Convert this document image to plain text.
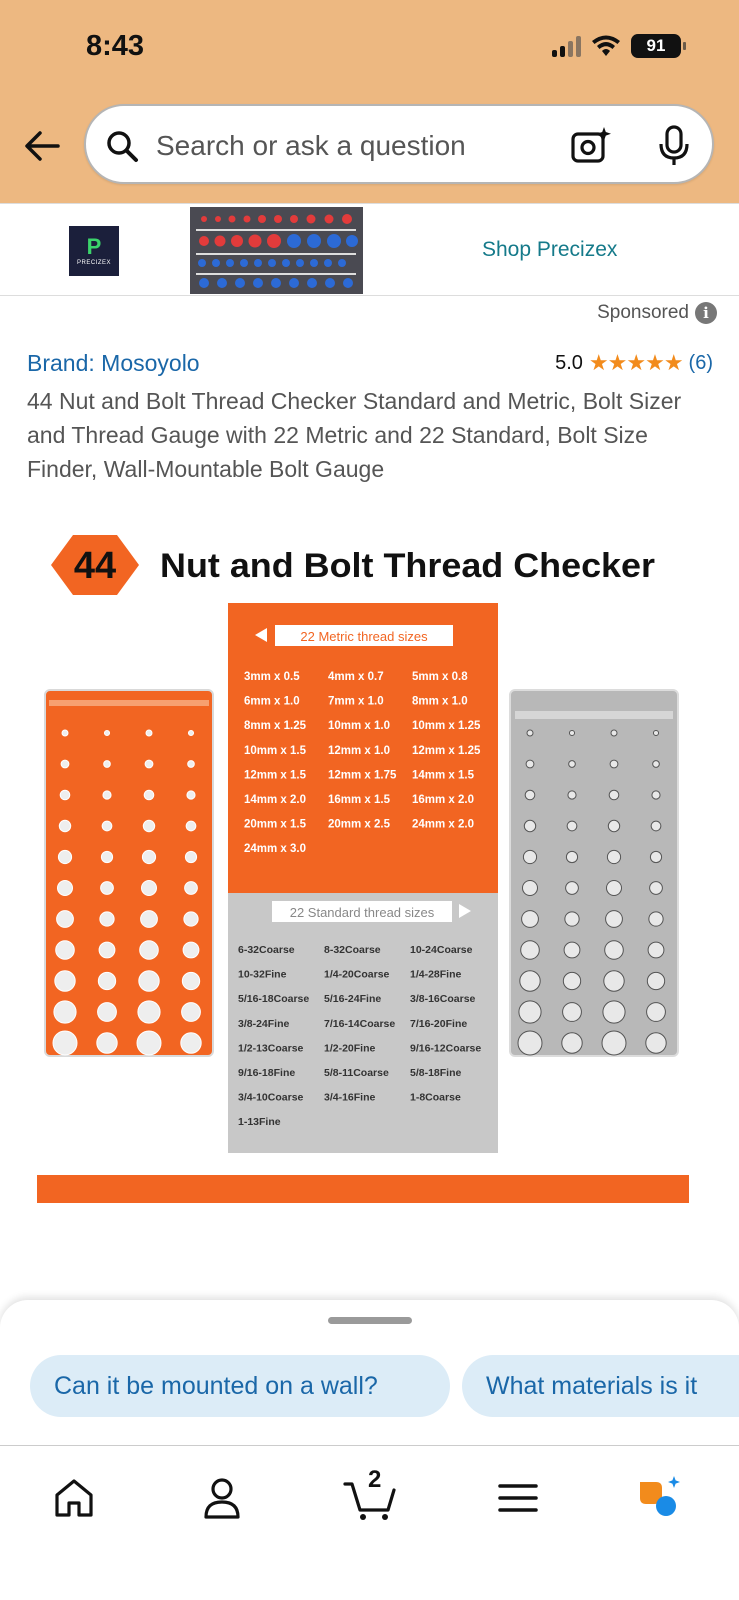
8:43	91
Search or ask a question
P
PRECIZEX
Shop Precizex
Sponsored i
Brand: Mosoyolo	5.0 ★★★★★ (6)
44 Nut and Bolt Thread Checker Standard and Metric, Bolt Sizer and Thread Gauge with 22 Metric and 22 Standard, Bolt Size Finder, Wall-Mountable Bolt Gauge
44 Nut and Bolt Thread Checker
22 Metric thread sizes
22 Standard thread sizes
3mm x 0.5 4mm x 0.7 5mm x 0.8
6mm x 1.0 7mm x 1.0 8mm x 1.0
8mm x 1.25 10mm x 1.0 10mm x 1.25
10mm x 1.5 12mm x 1.0 12mm x 1.25
12mm x 1.5 12mm x 1.75 14mm x 1.5
14mm x 2.0 16mm x 1.5 16mm x 2.0
20mm x 1.5 20mm x 2.5 24mm x 2.0
24mm x 3.0
6-32Coarse	8-32Coarse	10-24Coarse
10-32Fine	1/4-20Coarse 1/4-28Fine
5/16-18Coarse 5/16-24Fine	3/8-16Coarse
3/8-24Fine	7/16-14Coarse 7/16-20Fine
1/2-13Coarse 1/2-20Fine	9/16-12Coarse
9/16-18Fine	5/8-11Coarse 5/8-18Fine
3/4-10Coarse 3/4-16Fine	1-8Coarse
1-13Fine
Can it be mounted on a wall?	What materials is it
2
